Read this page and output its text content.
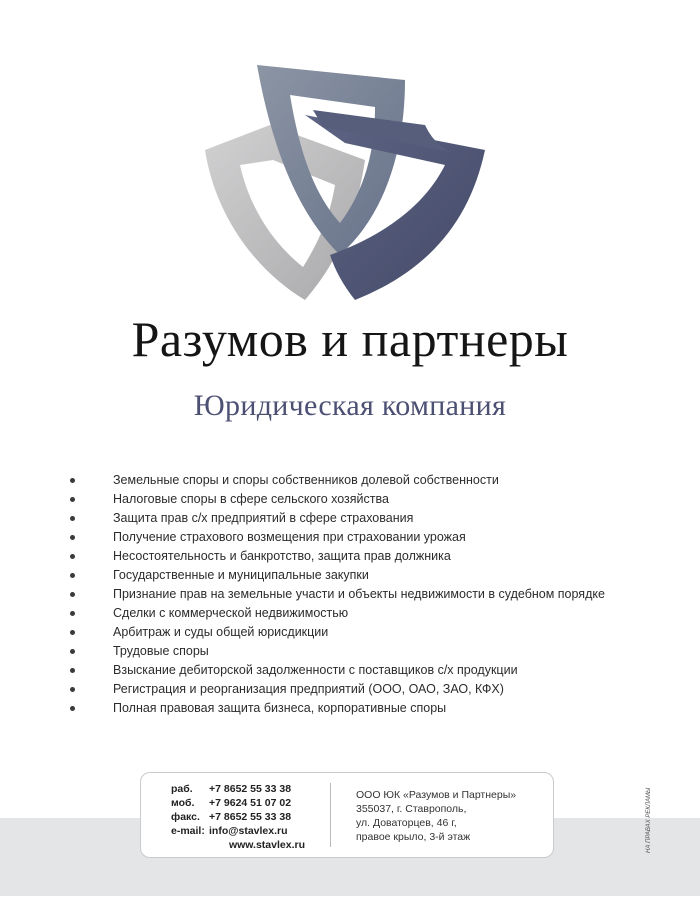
Разумов и партнеры
Юридическая компания
Земельные споры и споры собственников долевой собственности
Налоговые споры в сфере сельского хозяйства
Защита прав с/х предприятий в сфере страхования
Получение страхового возмещения при страховании урожая
Несостоятельность и банкротство, защита прав должника
Государственные и муниципальные закупки
Признание прав на земельные участи и объекты недвижимости в судебном порядке
Сделки с коммерческой недвижимостью
Арбитраж и суды общей юрисдикции
Трудовые споры
Взыскание дебиторской задолженности с поставщиков с/х продукции
Регистрация и реорганизация предприятий (ООО, ОАО, ЗАО, КФХ)
Полная правовая защита бизнеса, корпоративные споры
раб.	+7 8652 55 33 38
моб.	+7 9624 51 07 02
факс. +7 8652 55 33 38
e-mail: info@stavlex.ru
www.stavlex.ru
ООО ЮК «Разумов и Партнеры»
355037, г. Ставрополь,
ул. Доваторцев, 46 г,
правое крыло, 3-й этаж	НА ПРАВАХ РЕКЛАМЫ
